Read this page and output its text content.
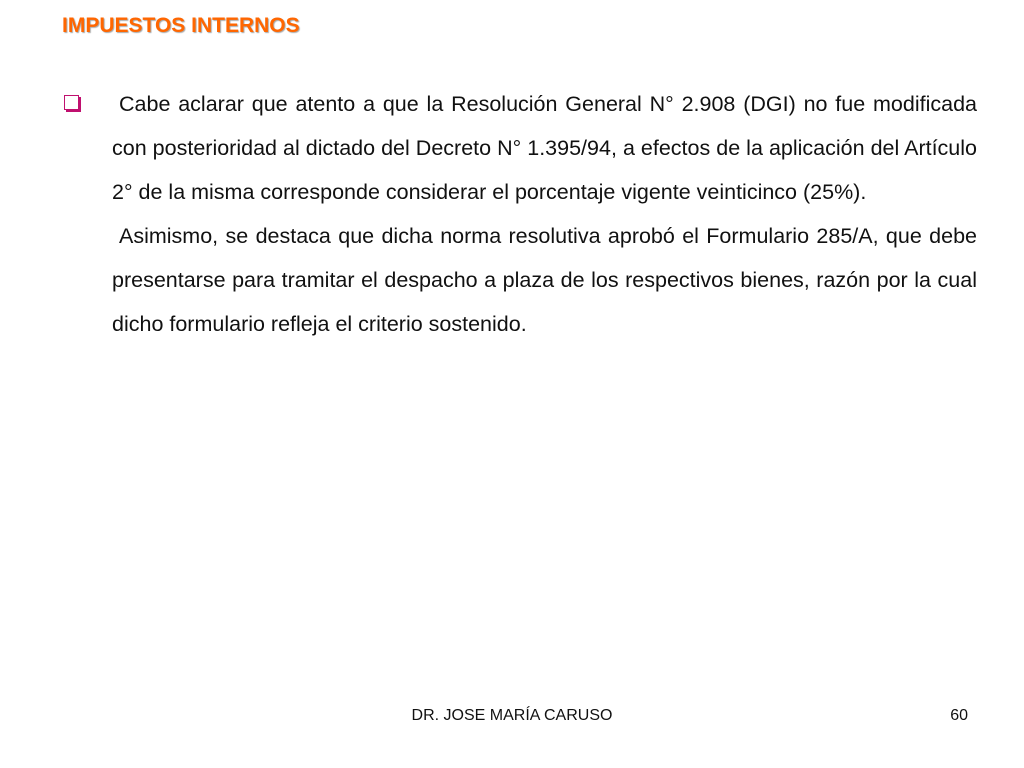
IMPUESTOS INTERNOS

Cabe aclarar que atento a que la Resolución General N° 2.908 (DGI) no fue modificada con posterioridad al dictado del Decreto N° 1.395/94, a efectos de la aplicación del Artículo 2° de la misma corresponde considerar el porcentaje vigente veinticinco (25%).

Asimismo, se destaca que dicha norma resolutiva aprobó el Formulario 285/A, que debe presentarse para tramitar el despacho a plaza de los respectivos bienes, razón por la cual dicho formulario refleja el criterio sostenido.

DR. JOSE MARÍA CARUSO	60
